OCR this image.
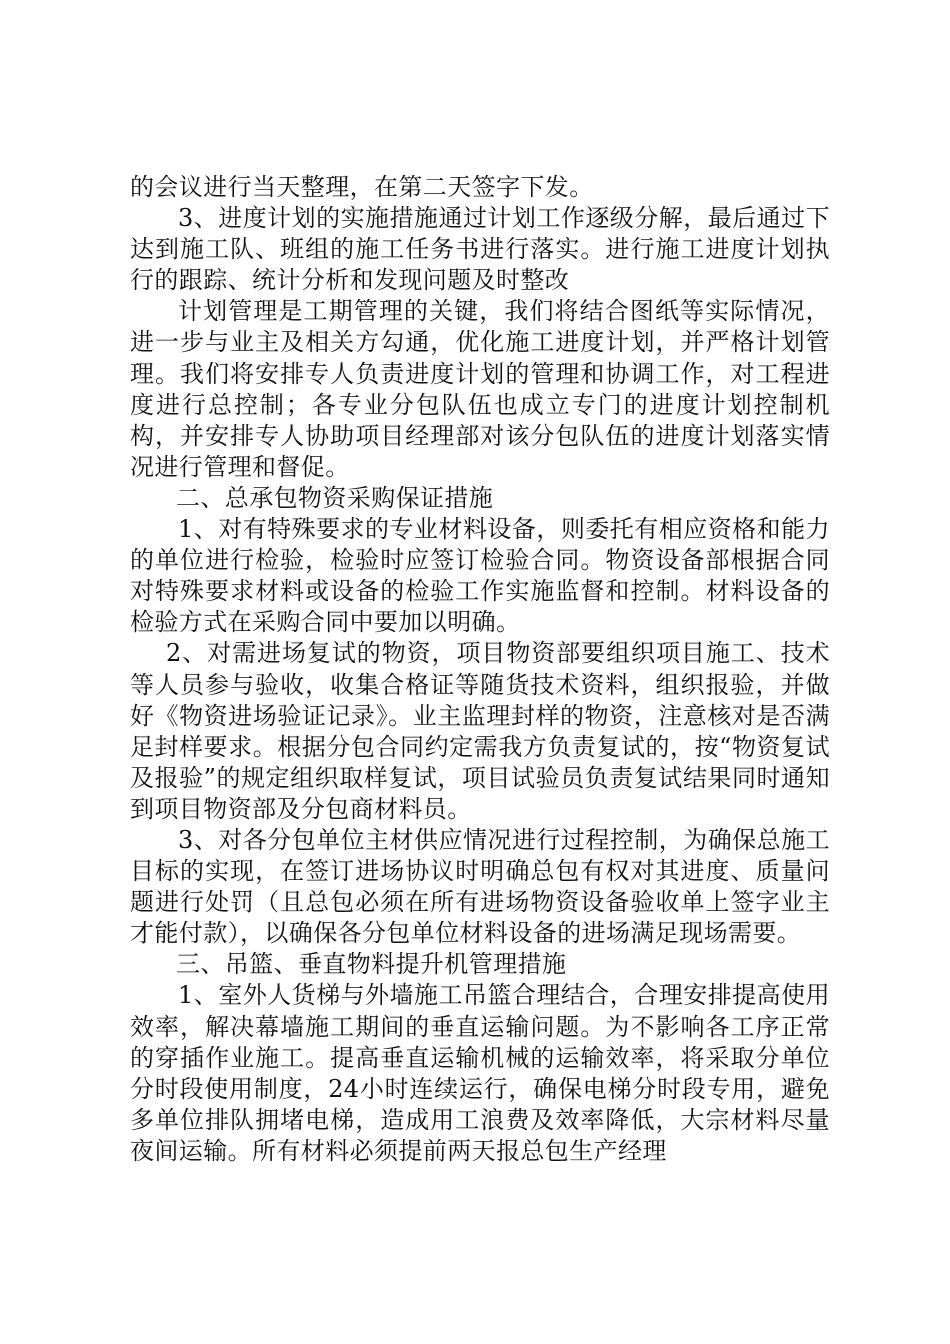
的会议进行当天整理，在第二天签字下发。

3、进度计划的实施措施通过计划工作逐级分解，最后通过下达到施工队、班组的施工任务书进行落实。进行施工进度计划执行的跟踪、统计分析和发现问题及时整改

计划管理是工期管理的关键，我们将结合图纸等实际情况，进一步与业主及相关方勾通，优化施工进度计划，并严格计划管理。我们将安排专人负责进度计划的管理和协调工作，对工程进度进行总控制；各专业分包队伍也成立专门的进度计划控制机构，并安排专人协助项目经理部对该分包队伍的进度计划落实情况进行管理和督促。

二、总承包物资采购保证措施

1、对有特殊要求的专业材料设备，则委托有相应资格和能力的单位进行检验，检验时应签订检验合同。物资设备部根据合同对特殊要求材料或设备的检验工作实施监督和控制。材料设备的检验方式在采购合同中要加以明确。

2、对需进场复试的物资，项目物资部要组织项目施工、技术等人员参与验收，收集合格证等随货技术资料，组织报验，并做好《物资进场验证记录》。业主监理封样的物资，注意核对是否满足封样要求。根据分包合同约定需我方负责复试的，按“物资复试及报验”的规定组织取样复试，项目试验员负责复试结果同时通知到项目物资部及分包商材料员。

3、对各分包单位主材供应情况进行过程控制，为确保总施工目标的实现，在签订进场协议时明确总包有权对其进度、质量问题进行处罚（且总包必须在所有进场物资设备验收单上签字业主才能付款），以确保各分包单位材料设备的进场满足现场需要。

三、吊篮、垂直物料提升机管理措施

1、室外人货梯与外墙施工吊篮合理结合，合理安排提高使用效率，解决幕墙施工期间的垂直运输问题。为不影响各工序正常的穿插作业施工。提高垂直运输机械的运输效率，将采取分单位分时段使用制度，24小时连续运行，确保电梯分时段专用，避免多单位排队拥堵电梯，造成用工浪费及效率降低，大宗材料尽量夜间运输。所有材料必须提前两天报总包生产经理
